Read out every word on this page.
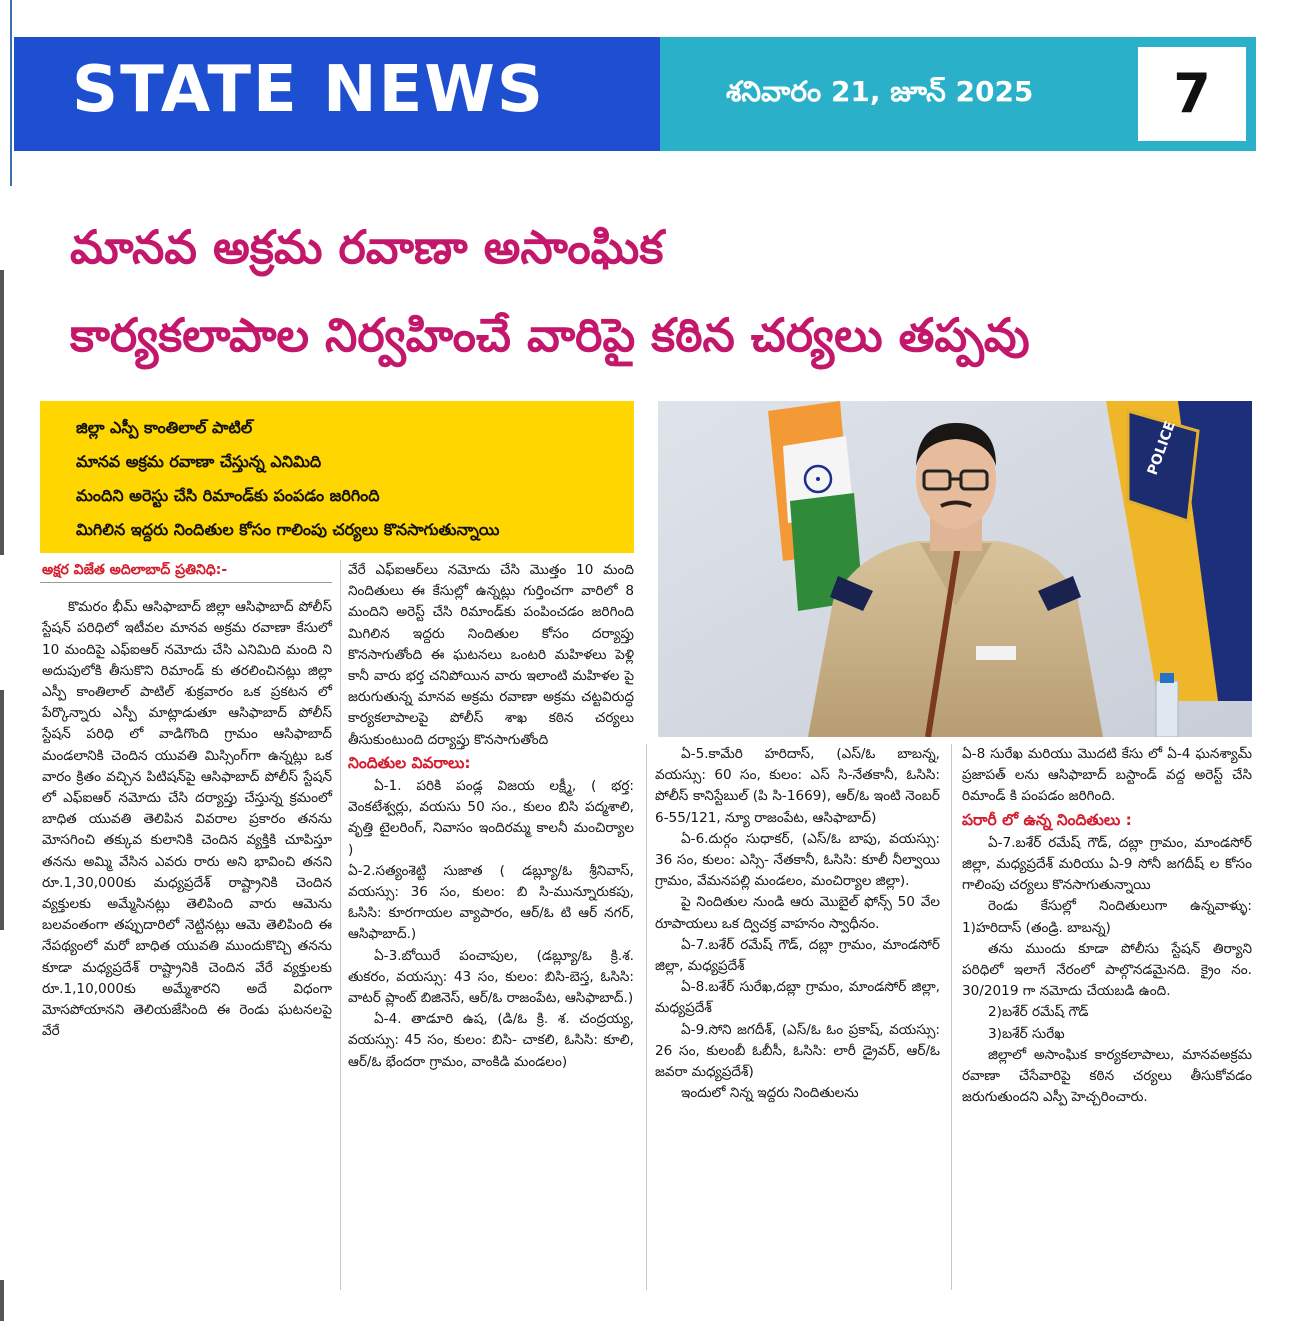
STATE NEWS	శనివారం 21, జూన్ 2025	7
మానవ అక్రమ రవాణా అసాంఘిక
కార్యకలాపాల నిర్వహించే వారిపై కఠిన చర్యలు తప్పవు
జిల్లా ఎస్పీ కాంతిలాల్ పాటిల్
మానవ అక్రమ రవాణా చేస్తున్న ఎనిమిది
మందిని అరెస్టు చేసి రిమాండ్‌కు పంపడం జరిగింది
మిగిలిన ఇద్దరు నిందితుల కోసం గాలింపు చర్యలు కొనసాగుతున్నాయి
POLICE

అక్షర విజేత అదిలాబాద్ ప్రతినిధి:-

కొమరం భీమ్ ఆసిఫాబాద్ జిల్లా ఆసిఫాబాద్ పోలీస్ స్టేషన్ పరిధిలో ఇటీవల మానవ అక్రమ రవాణా కేసులో 10 మందిపై ఎఫ్ఐఆర్ నమోదు చేసి ఎనిమిది మంది ని అదుపులోకి తీసుకొని రిమాండ్ కు తరలించినట్లు జిల్లా ఎస్పీ కాంతిలాల్ పాటిల్ శుక్రవారం ఒక ప్రకటన లో పేర్కొన్నారు ఎస్పీ మాట్లాడుతూ ఆసిఫాబాద్ పోలీస్ స్టేషన్ పరిధి లో వాడిగొంది గ్రామం ఆసిఫాబాద్ మండలానికి చెందిన యువతి మిస్సింగ్‌గా ఉన్నట్లు ఒక వారం క్రితం వచ్చిన పిటిషన్‌పై ఆసిఫాబాద్ పోలీస్ స్టేషన్ లో ఎఫ్ఐఆర్ నమోదు చేసి దర్యాప్తు చేస్తున్న క్రమంలో బాధిత యువతి తెలిపిన వివరాల ప్రకారం తనను మోసగించి తక్కువ కులానికి చెందిన వ్యక్తికి చూపిస్తూ తనను అమ్మి వేసిన ఎవరు రారు అని భావించి తనని రూ.1,30,000కు మధ్యప్రదేశ్ రాష్ట్రానికి చెందిన వ్యక్తులకు అమ్మేసినట్లు తెలిపింది వారు ఆమెను బలవంతంగా తప్పుదారిలో నెట్టినట్లు ఆమె తెలిపింది ఈ నేపథ్యంలో మరో బాధిత యువతి ముందుకొచ్చి తనను కూడా మధ్యప్రదేశ్ రాష్ట్రానికి చెందిన వేరే వ్యక్తులకు రూ.1,10,000కు అమ్మేశారని అదే విధంగా మోసపోయానని తెలియజేసింది ఈ రెండు ఘటనలపై వేరే

వేరే ఎఫ్ఐఆర్‌లు నమోదు చేసి మొత్తం 10 మంది నిందితులు ఈ కేసుల్లో ఉన్నట్లు గుర్తించగా వారిలో 8 మందిని అరెస్ట్ చేసి రిమాండ్‌కు పంపించడం జరిగింది మిగిలిన ఇద్దరు నిందితుల కోసం దర్యాప్తు కొనసాగుతోంది ఈ ఘటనలు ఒంటరి మహిళలు పెళ్లి కానీ వారు భర్త చనిపోయిన వారు ఇలాంటి మహిళల పై జరుగుతున్న మానవ అక్రమ రవాణా అక్రమ చట్టవిరుద్ధ కార్యకలాపాలపై పోలీస్ శాఖ కఠిన చర్యలు తీసుకుంటుంది దర్యాప్తు కొనసాగుతోంది

నిందితుల వివరాలు:

ఏ-1. పరికి పండ్ల విజయ లక్ష్మీ, ( భర్త: వెంకటేశ్వర్లు, వయసు 50 సం., కులం బిసి పద్మశాలి, వృత్తి టైలరింగ్, నివాసం ఇందిరమ్మ కాలనీ మంచిర్యాల )

ఏ-2.సత్యంశెట్టి సుజాత ( డబ్ల్యూ/ఓ శ్రీనివాస్, వయస్సు: 36 సం, కులం: బి సి-మున్నూరుకపు, ఓసిసి: కూరగాయల వ్యాపారం, ఆర్/ఓ టి ఆర్ నగర్, ఆసిఫాబాద్.)

ఏ-3.బోయిరే పంచాపుల, (డబ్ల్యూ/ఓ క్రి.శ. తుకరం, వయస్సు: 43 సం, కులం: బిసి-బెస్త, ఓసిసి: వాటర్ ప్లాంట్ బిజినెస్, ఆర్/ఓ రాజంపేట, ఆసిఫాబాద్.)

ఏ-4. తాడూరి ఉష, (డి/ఓ క్రి. శ. చంద్రయ్య, వయస్సు: 45 సం, కులం: బిసి- చాకలి, ఓసిసి: కూలి, ఆర్/ఓ భేందరా గ్రామం, వాంకిడి మండలం)

ఏ-5.కామేరి హరిదాస్, (ఎస్/ఓ బాబన్న, వయస్సు: 60 సం, కులం: ఎస్ సి-నేతకానీ, ఓసిసి: పోలీస్ కానిస్టేబుల్ (పి సి-1669), ఆర్/ఓ ఇంటి నెంబర్ 6-55/121, న్యూ రాజంపేట, ఆసిఫాబాద్)

ఏ-6.దుర్గం సుధాకర్, (ఎస్/ఓ బాపు, వయస్సు: 36 సం, కులం: ఎస్సి- నేతకానీ, ఓసిసి: కూలీ నీల్వాయి గ్రామం, వేమనపల్లి మండలం, మంచిర్యాల జిల్లా).

పై నిందితుల నుండి ఆరు మొబైల్ ఫోన్స్ 50 వేల రూపాయలు ఒక ద్విచక్ర వాహనం స్వాధీనం.

ఏ-7.బశేర్ రమేష్ గౌడ్, దబ్లా గ్రామం, మాండసోర్ జిల్లా, మధ్యప్రదేశ్

ఏ-8.బశేర్ సురేఖ,దబ్లా గ్రామం, మాండసోర్ జిల్లా, మధ్యప్రదేశ్

ఏ-9.సోని జగదీశ్, (ఎస్/ఓ ఓం ప్రకాష్, వయస్సు: 26 సం, కులంబీ ఓబీసీ, ఓసిసి: లారీ డ్రైవర్, ఆర్/ఓ జవరా మధ్యప్రదేశ్)

ఇందులో నిన్న ఇద్దరు నిందితులను

ఏ-8 సురేఖ మరియు మొదటి కేసు లో ఏ-4 ఘనశ్యామ్ ప్రజాపత్ లను ఆసిఫాబాద్ బస్టాండ్ వద్ద అరెస్ట్ చేసి రిమాండ్ కి పంపడం జరిగింది.

పరారీ లో ఉన్న నిందితులు :

ఏ-7.బశేర్ రమేష్ గౌడ్, దబ్లా గ్రామం, మాండసోర్ జిల్లా, మధ్యప్రదేశ్ మరియు ఏ-9 సోనీ జగదీష్ ల కోసం గాలింపు చర్యలు కొనసాగుతున్నాయి

రెండు కేసుల్లో నిందితులుగా ఉన్నవాళ్ళు: 1)హరిదాస్ (తండ్రి. బాబన్న)

తను ముందు కూడా పోలీసు స్టేషన్ తిర్యాని పరిధిలో ఇలాగే నేరంలో పాల్గొనడమైనది. క్రైం నం. 30/2019 గా నమోదు చేయబడి ఉంది.

2)బశేర్ రమేష్ గౌడ్

3)బశేర్ సురేఖ

జిల్లాలో అసాంఘిక కార్యకలాపాలు, మానవఅక్రమ రవాణా చేసేవారిపై కఠిన చర్యలు తీసుకోవడం జరుగుతుందని ఎస్పీ హెచ్చరించారు.
